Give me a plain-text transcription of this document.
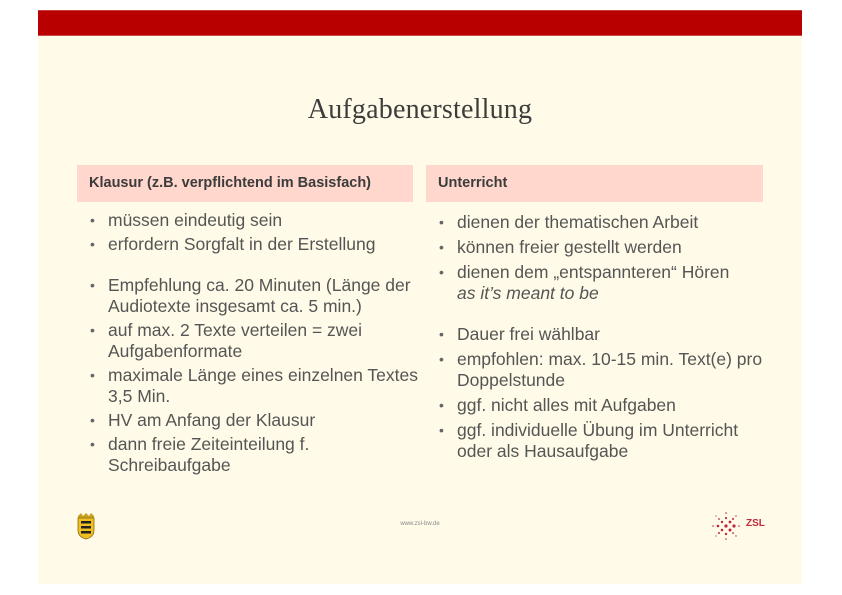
Aufgabenerstellung
Klausur (z.B. verpflichtend im Basisfach)	Unterricht
• müssen eindeutig sein
• erfordern Sorgfalt in der Erstellung
• Empfehlung ca. 20 Minuten (Länge der Audiotexte insgesamt ca. 5 min.)
• auf max. 2 Texte verteilen = zwei Aufgabenformate
• maximale Länge eines einzelnen Textes 3,5 Min.
• HV am Anfang der Klausur
• dann freie Zeiteinteilung f. Schreibaufgabe
• dienen der thematischen Arbeit
• können freier gestellt werden
• dienen dem „entspannteren“ Hören
as it’s meant to be
• Dauer frei wählbar
• empfohlen: max. 10-15 min. Text(e) pro Doppelstunde
• ggf. nicht alles mit Aufgaben
• ggf. individuelle Übung im Unterricht oder als Hausaufgabe
www.zsl-bw.de	ZSL
